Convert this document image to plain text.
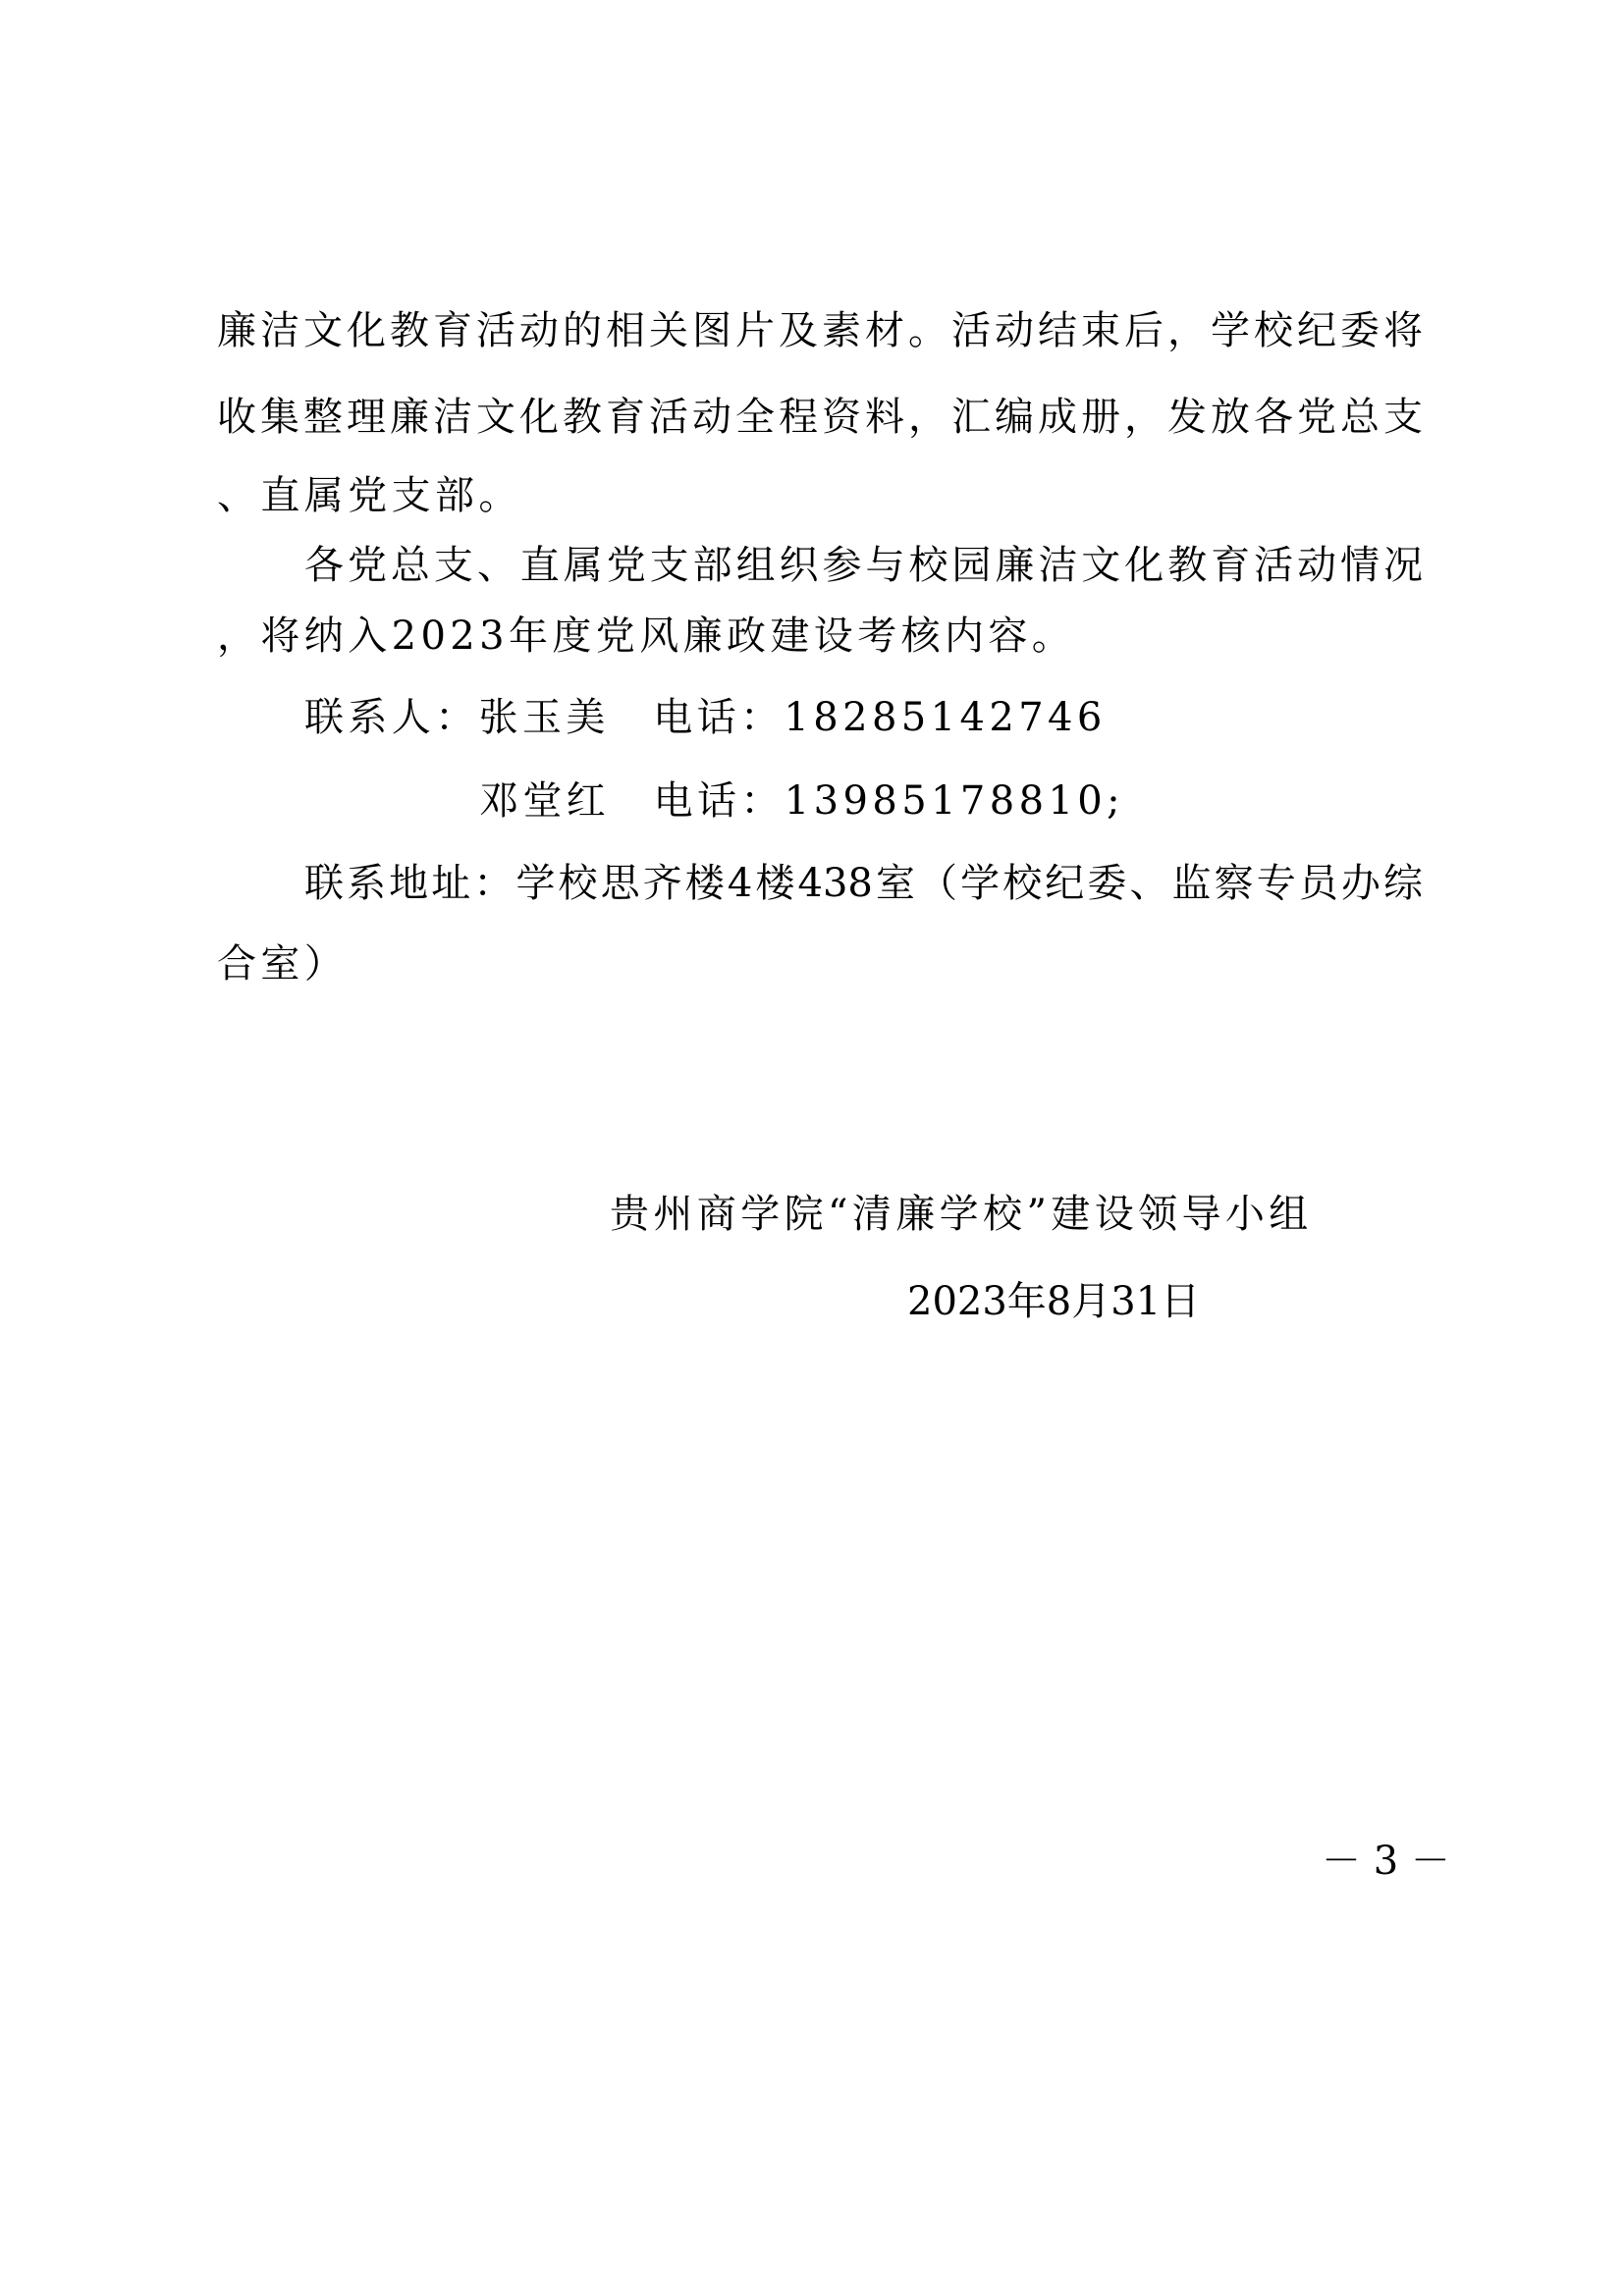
廉洁文化教育活动的相关图片及素材。活动结束后，学校纪委将
收集整理廉洁文化教育活动全程资料，汇编成册，发放各党总支
、直属党支部。
各党总支、直属党支部组织参与校园廉洁文化教育活动情况
，将纳入2023年度党风廉政建设考核内容。
联系人：张玉美　电话：18285142746
邓堂红　电话：13985178810;
联系地址：学校思齐楼4楼438室（学校纪委、监察专员办综
合室）
贵州商学院“清廉学校”建设领导小组
2023年8月31日
－ 3 －
